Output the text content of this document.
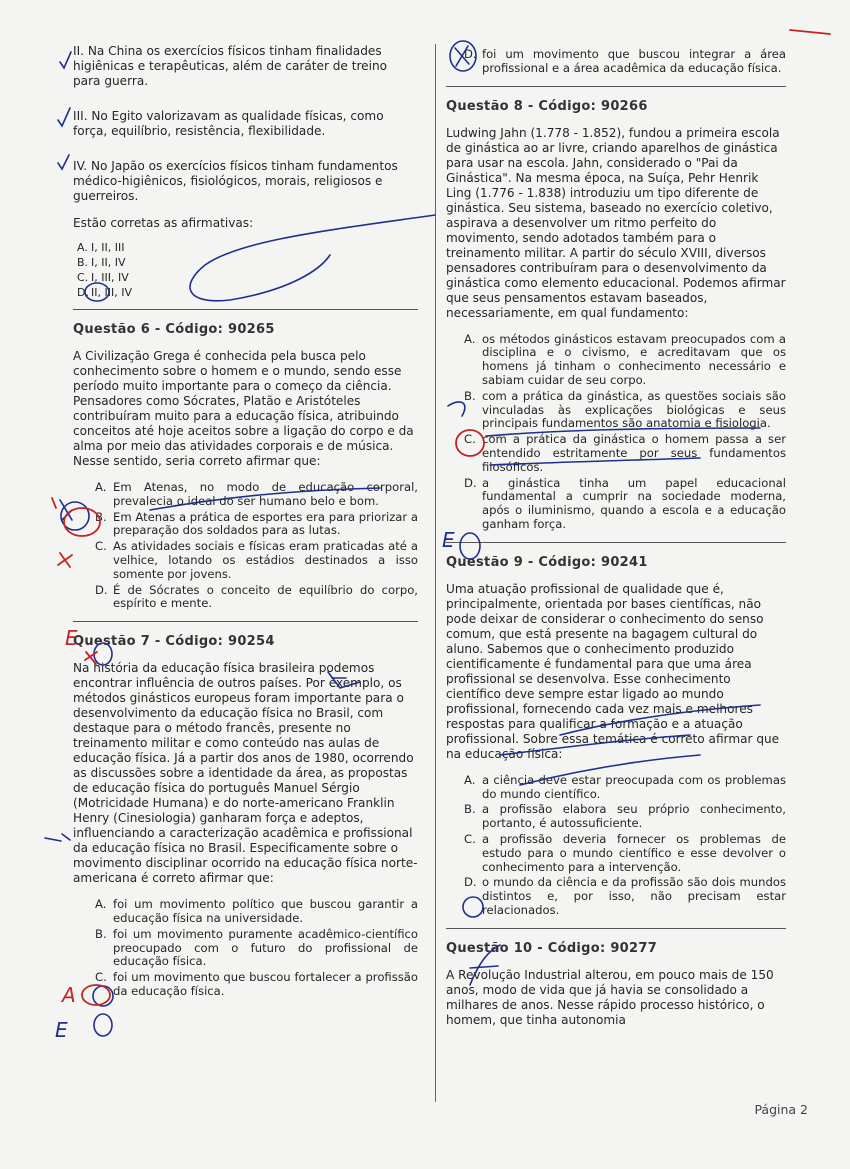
II. Na China os exercícios físicos tinham finalidades higiênicas e terapêuticas, além de caráter de treino para guerra.

III. No Egito valorizavam as qualidade físicas, como força, equilíbrio, resistência, flexibilidade.

IV. No Japão os exercícios físicos tinham fundamentos médico-higiênicos, fisiológicos, morais, religiosos e guerreiros.

Estão corretas as afirmativas:

A. I, II, III
B. I, II, IV
C. I, III, IV
D. II, III, IV
Questão 6 - Código: 90265

A Civilização Grega é conhecida pela busca pelo conhecimento sobre o homem e o mundo, sendo esse período muito importante para o começo da ciência. Pensadores como Sócrates, Platão e Aristóteles contribuíram muito para a educação física, atribuindo conceitos até hoje aceitos sobre a ligação do corpo e da alma por meio das atividades corporais e de música. Nesse sentido, seria correto afirmar que:

A. Em Atenas, no modo de educação corporal, prevalecia o ideal do ser humano belo e bom.
B. Em Atenas a prática de esportes era para priorizar a preparação dos soldados para as lutas.
C. As atividades sociais e físicas eram praticadas até a velhice, lotando os estádios destinados a isso somente por jovens.
D. É de Sócrates o conceito de equilíbrio do corpo, espírito e mente.
Questão 7 - Código: 90254

Na história da educação física brasileira podemos encontrar influência de outros países. Por exemplo, os métodos ginásticos europeus foram importante para o desenvolvimento da educação física no Brasil, com destaque para o método francês, presente no treinamento militar e como conteúdo nas aulas de educação física. Já a partir dos anos de 1980, ocorrendo as discussões sobre a identidade da área, as propostas de educação física do português Manuel Sérgio (Motricidade Humana) e do norte-americano Franklin Henry (Cinesiologia) ganharam força e adeptos, influenciando a caracterização acadêmica e profissional da educação física no Brasil. Especificamente sobre o movimento disciplinar ocorrido na educação física norte-americana é correto afirmar que:

A. foi um movimento político que buscou garantir a educação física na universidade.
B. foi um movimento puramente acadêmico-científico preocupado com o futuro do profissional de educação física.
C. foi um movimento que buscou fortalecer a profissão da educação física.
D. foi um movimento que buscou integrar a área profissional e a área acadêmica da educação física.
Questão 8 - Código: 90266

Ludwing Jahn (1.778 - 1.852), fundou a primeira escola de ginástica ao ar livre, criando aparelhos de ginástica para usar na escola. Jahn, considerado o "Pai da Ginástica". Na mesma época, na Suíça, Pehr Henrik Ling (1.776 - 1.838) introduziu um tipo diferente de ginástica. Seu sistema, baseado no exercício coletivo, aspirava a desenvolver um ritmo perfeito do movimento, sendo adotados também para o treinamento militar. A partir do século XVIII, diversos pensadores contribuíram para o desenvolvimento da ginástica como elemento educacional. Podemos afirmar que seus pensamentos estavam baseados, necessariamente, em qual fundamento:

A. os métodos ginásticos estavam preocupados com a disciplina e o civismo, e acreditavam que os homens já tinham o conhecimento necessário e sabiam cuidar de seu corpo.
B. com a prática da ginástica, as questões sociais são vinculadas às explicações biológicas e seus principais fundamentos são anatomia e fisiologia.
C. com a prática da ginástica o homem passa a ser entendido estritamente por seus fundamentos filosóficos.
D. a ginástica tinha um papel educacional fundamental a cumprir na sociedade moderna, após o iluminismo, quando a escola e a educação ganham força.
Questão 9 - Código: 90241

Uma atuação profissional de qualidade que é, principalmente, orientada por bases científicas, não pode deixar de considerar o conhecimento do senso comum, que está presente na bagagem cultural do aluno. Sabemos que o conhecimento produzido cientificamente é fundamental para que uma área profissional se desenvolva. Esse conhecimento científico deve sempre estar ligado ao mundo profissional, fornecendo cada vez mais e melhores respostas para qualificar a formação e a atuação profissional. Sobre essa temática é correto afirmar que na educação física:

A. a ciência deve estar preocupada com os problemas do mundo científico.
B. a profissão elabora seu próprio conhecimento, portanto, é autossuficiente.
C. a profissão deveria fornecer os problemas de estudo para o mundo científico e esse devolver o conhecimento para a intervenção.
D. o mundo da ciência e da profissão são dois mundos distintos e, por isso, não precisam estar relacionados.
Questão 10 - Código: 90277

A Revolução Industrial alterou, em pouco mais de 150 anos, modo de vida que já havia se consolidado a milhares de anos. Nesse rápido processo histórico, o homem, que tinha autonomia

Página 2
E
E
E
A
